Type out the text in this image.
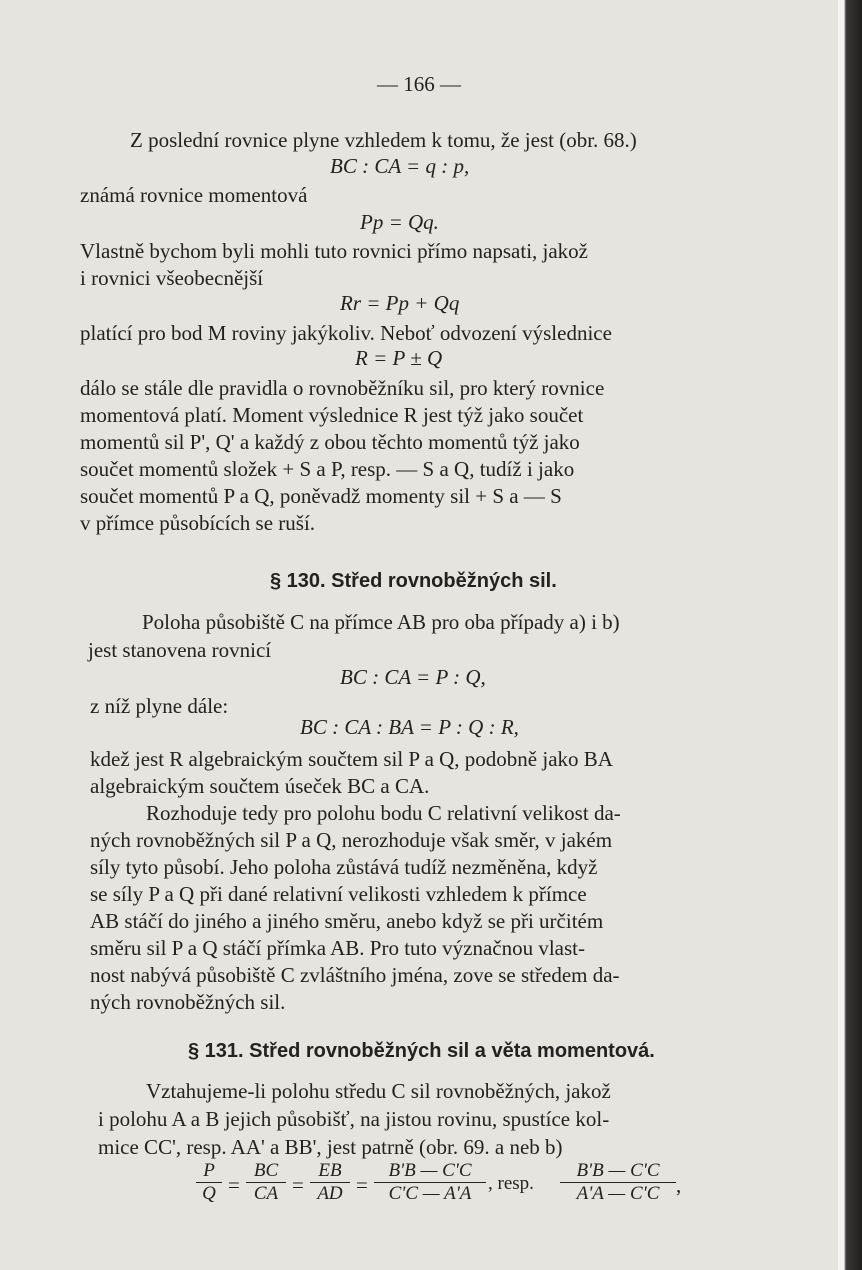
— 166 —
Z poslední rovnice plyne vzhledem k tomu, že jest (obr. 68.)
BC : CA = q : p,
známá rovnice momentová
Pp = Qq.
Vlastně bychom byli mohli tuto rovnici přímo napsati, jakož
i rovnici všeobecnější
Rr = Pp + Qq
platící pro bod M roviny jakýkoliv. Neboť odvození výslednice
R = P ± Q
dálo se stále dle pravidla o rovnoběžníku sil, pro který rovnice
momentová platí. Moment výslednice R jest týž jako součet
momentů sil P', Q' a každý z obou těchto momentů týž jako
součet momentů složek + S a P, resp. — S a Q, tudíž i jako
součet momentů P a Q, poněvadž momenty sil + S a — S
v přímce působících se ruší.
§ 130. Střed rovnoběžných sil.
Poloha působiště C na přímce AB pro oba případy a) i b)
jest stanovena rovnicí
BC : CA = P : Q,
z níž plyne dále:
BC : CA : BA = P : Q : R,
kdež jest R algebraickým součtem sil P a Q, podobně jako BA
algebraickým součtem úseček BC a CA.
Rozhoduje tedy pro polohu bodu C relativní velikost da-
ných rovnoběžných sil P a Q, nerozhoduje však směr, v jakém
síly tyto působí. Jeho poloha zůstává tudíž nezměněna, když
se síly P a Q při dané relativní velikosti vzhledem k přímce
AB stáčí do jiného a jiného směru, anebo když se při určitém
směru sil P a Q stáčí přímka AB. Pro tuto význačnou vlast-
nost nabývá působiště C zvláštního jména, zove se středem da-
ných rovnoběžných sil.
§ 131. Střed rovnoběžných sil a věta momentová.
Vztahujeme-li polohu středu C sil rovnoběžných, jakož
i polohu A a B jejich působišť, na jistou rovinu, spustíce kol-
mice CC', resp. AA' a BB', jest patrně (obr. 69. a neb b)
$\frac{P}{Q} = \frac{BC}{CA} = \frac{EB}{AD} = \frac{B'B — C'C}{C'C — A'A}$ , resp. $\frac{B'B — C'C}{A'A — C'C}$ ,
